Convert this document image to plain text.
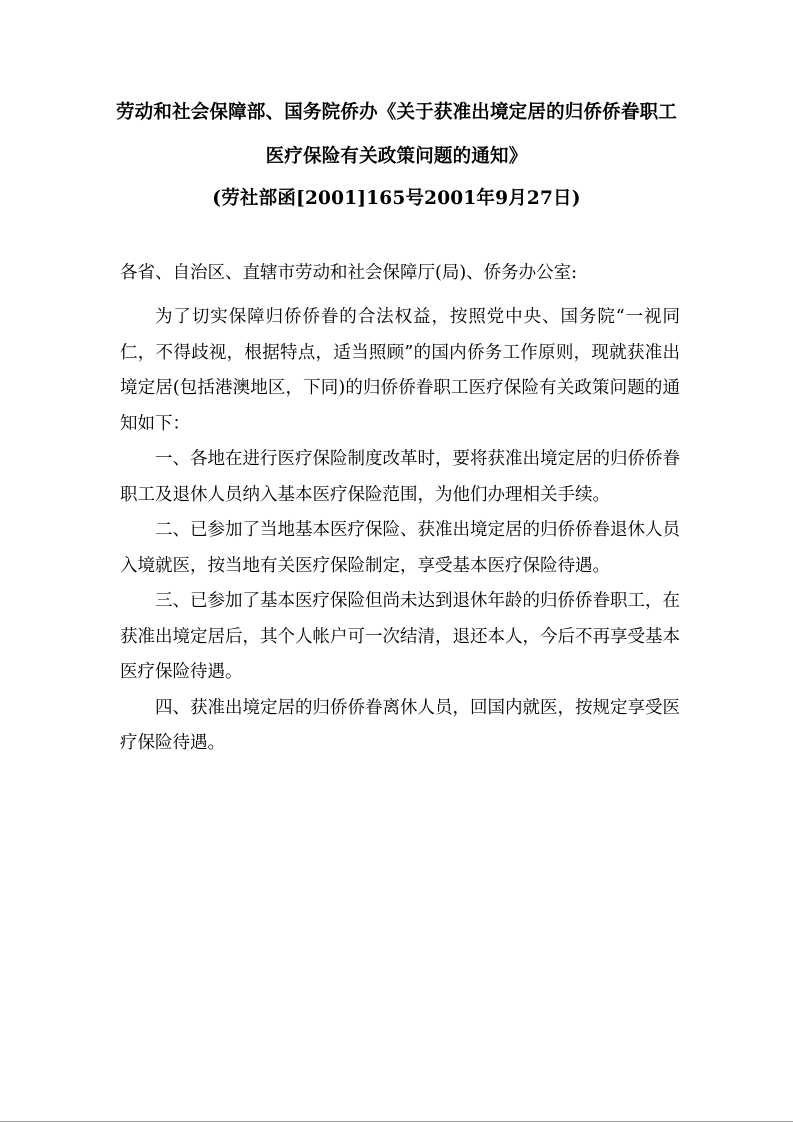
劳动和社会保障部、国务院侨办《关于获准出境定居的归侨侨眷职工
医疗保险有关政策问题的通知》
(劳社部函[2001]165号2001年9月27日)
各省、自治区、直辖市劳动和社会保障厅(局)、侨务办公室:

为了切实保障归侨侨眷的合法权益，按照党中央、国务院“一视同仁，不得歧视，根据特点，适当照顾”的国内侨务工作原则，现就获准出境定居(包括港澳地区，下同)的归侨侨眷职工医疗保险有关政策问题的通知如下：

一、各地在进行医疗保险制度改革时，要将获准出境定居的归侨侨眷职工及退休人员纳入基本医疗保险范围，为他们办理相关手续。

二、已参加了当地基本医疗保险、获准出境定居的归侨侨眷退休人员入境就医，按当地有关医疗保险制定，享受基本医疗保险待遇。

三、已参加了基本医疗保险但尚未达到退休年龄的归侨侨眷职工，在获准出境定居后，其个人帐户可一次结清，退还本人，今后不再享受基本医疗保险待遇。

四、获准出境定居的归侨侨眷离休人员，回国内就医，按规定享受医疗保险待遇。
